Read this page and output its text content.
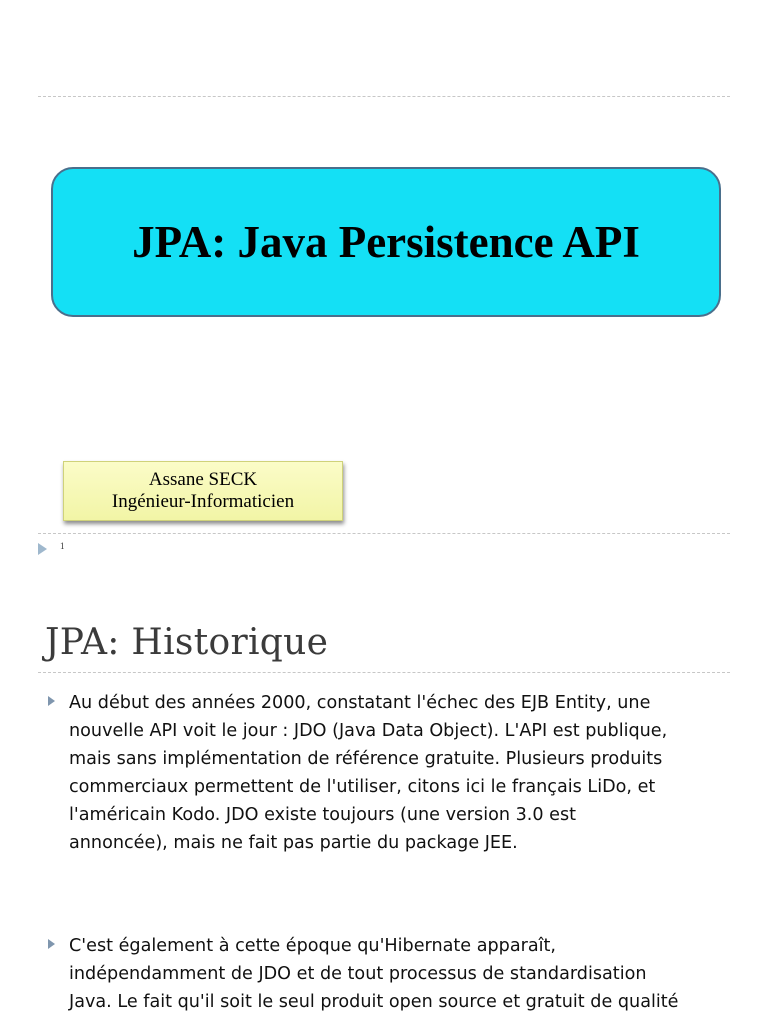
JPA: Java Persistence API
Assane SECK
Ingénieur-Informaticien
1
JPA: Historique
Au début des années 2000, constatant l'échec des EJB Entity, une
nouvelle API voit le jour : JDO (Java Data Object). L'API est publique,
mais sans implémentation de référence gratuite. Plusieurs produits
commerciaux permettent de l'utiliser, citons ici le français LiDo, et
l'américain Kodo. JDO existe toujours (une version 3.0 est
annoncée), mais ne fait pas partie du package JEE.
C'est également à cette époque qu'Hibernate apparaît,
indépendamment de JDO et de tout processus de standardisation
Java. Le fait qu'il soit le seul produit open source et gratuit de qualité
